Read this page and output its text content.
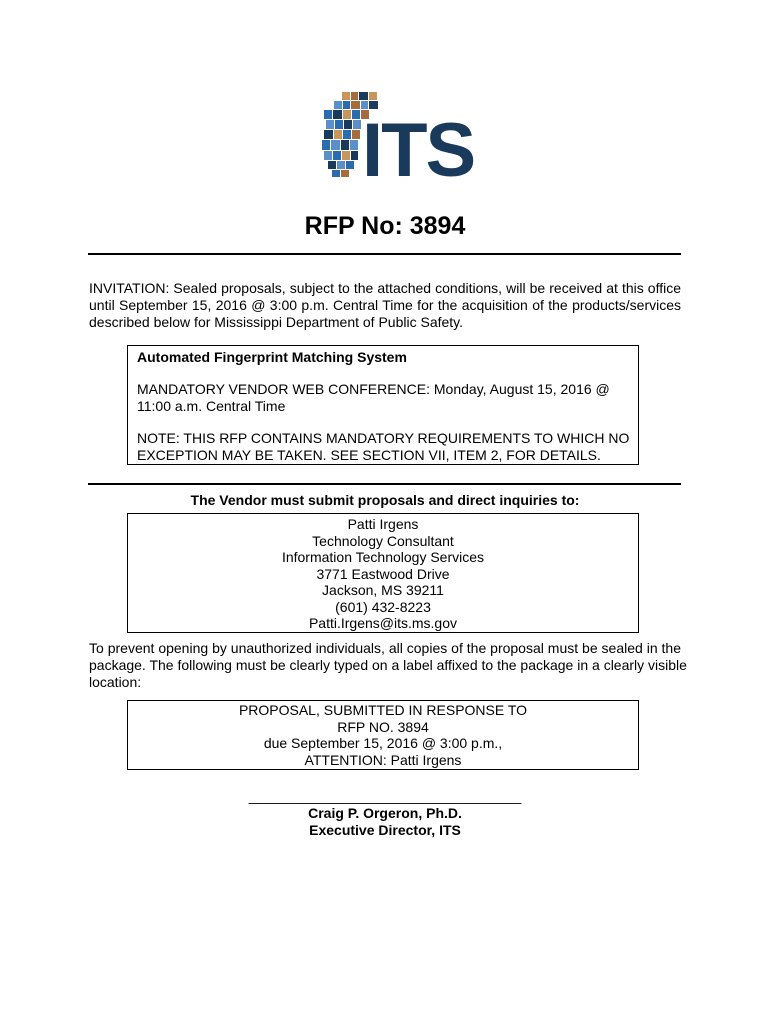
ITS
RFP No: 3894
INVITATION: Sealed proposals, subject to the attached conditions, will be received at this office
until September 15, 2016 @ 3:00 p.m. Central Time for the acquisition of the products/services
described below for Mississippi Department of Public Safety.
Automated Fingerprint Matching System
MANDATORY VENDOR WEB CONFERENCE: Monday, August 15, 2016 @ 11:00 a.m. Central Time
NOTE: THIS RFP CONTAINS MANDATORY REQUIREMENTS TO WHICH NO EXCEPTION MAY BE TAKEN. SEE SECTION VII, ITEM 2, FOR DETAILS.
The Vendor must submit proposals and direct inquiries to:
Patti Irgens
Technology Consultant
Information Technology Services
3771 Eastwood Drive
Jackson, MS 39211
(601) 432-8223
Patti.Irgens@its.ms.gov
To prevent opening by unauthorized individuals, all copies of the proposal must be sealed in the
package. The following must be clearly typed on a label affixed to the package in a clearly visible
location:
PROPOSAL, SUBMITTED IN RESPONSE TO
RFP NO. 3894
due September 15, 2016 @ 3:00 p.m.,
ATTENTION: Patti Irgens
___________________________________
Craig P. Orgeron, Ph.D.
Executive Director, ITS
